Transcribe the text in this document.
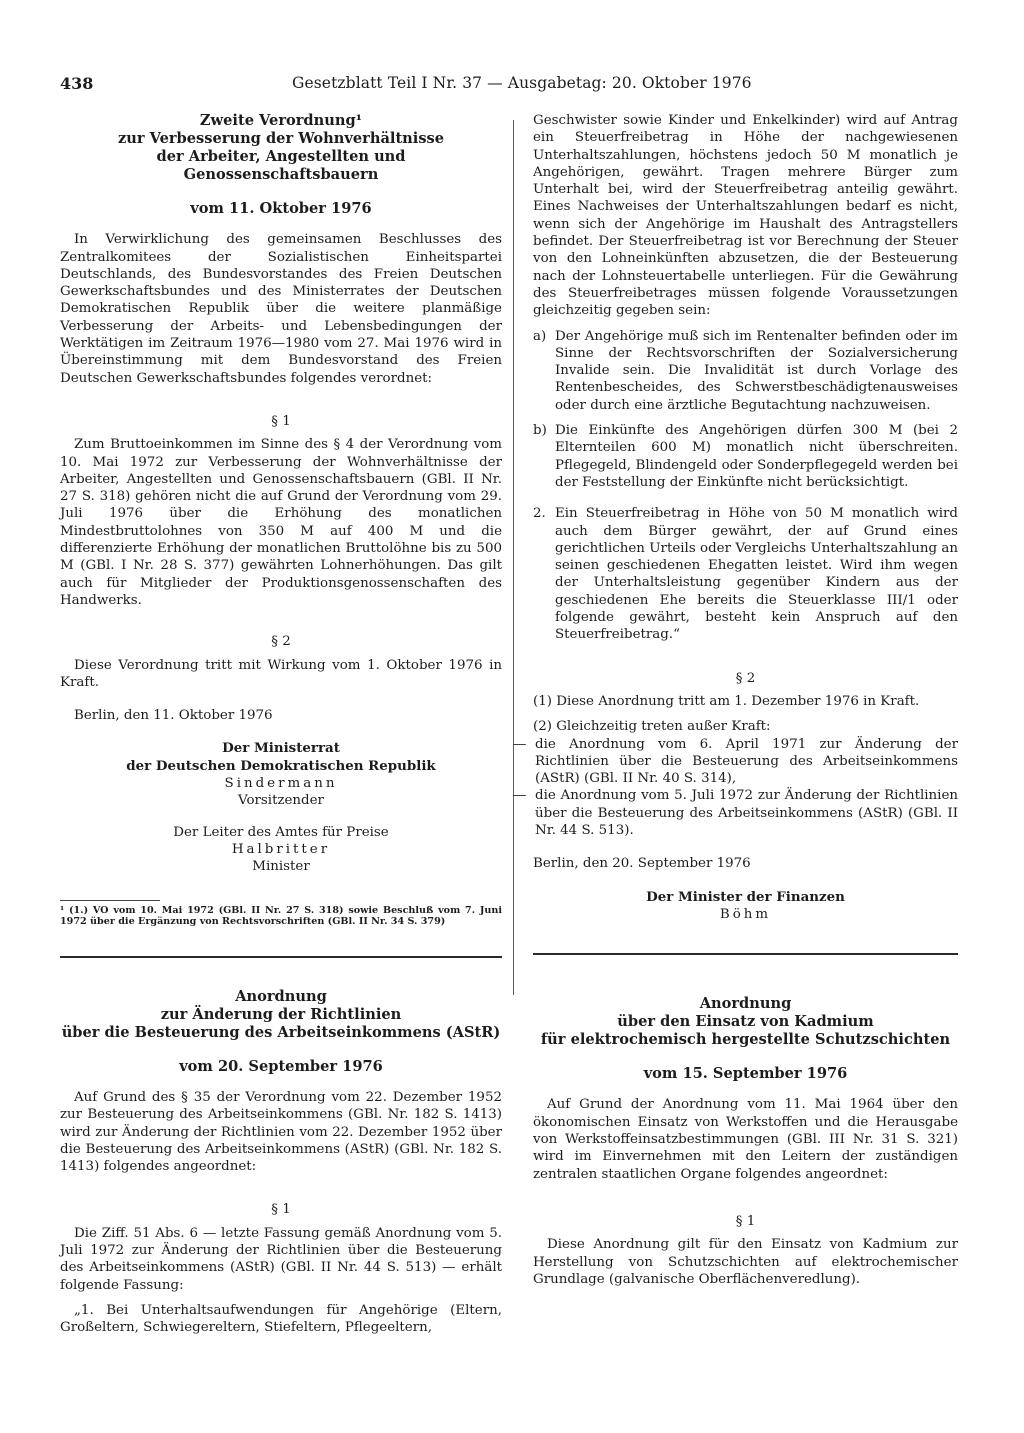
438	Gesetzblatt Teil I Nr. 37 — Ausgabetag: 20. Oktober 1976

Zweite Verordnung¹

zur Verbesserung der Wohnverhältnisse

der Arbeiter, Angestellten und Genossenschaftsbauern

vom 11. Oktober 1976

In Verwirklichung des gemeinsamen Beschlusses des Zentralkomitees der Sozialistischen Einheitspartei Deutschlands, des Bundesvorstandes des Freien Deutschen Gewerkschaftsbundes und des Ministerrates der Deutschen Demokratischen Republik über die weitere planmäßige Verbesserung der Arbeits- und Lebensbedingungen der Werktätigen im Zeitraum 1976—1980 vom 27. Mai 1976 wird in Übereinstimmung mit dem Bundesvorstand des Freien Deutschen Gewerkschaftsbundes folgendes verordnet:

§ 1

Zum Bruttoeinkommen im Sinne des § 4 der Verordnung vom 10. Mai 1972 zur Verbesserung der Wohnverhältnisse der Arbeiter, Angestellten und Genossenschaftsbauern (GBl. II Nr. 27 S. 318) gehören nicht die auf Grund der Verordnung vom 29. Juli 1976 über die Erhöhung des monatlichen Mindestbruttolohnes von 350 M auf 400 M und die differenzierte Erhöhung der monatlichen Bruttolöhne bis zu 500 M (GBl. I Nr. 28 S. 377) gewährten Lohnerhöhungen. Das gilt auch für Mitglieder der Produktionsgenossenschaften des Handwerks.

§ 2

Diese Verordnung tritt mit Wirkung vom 1. Oktober 1976 in Kraft.

Berlin, den 11. Oktober 1976

Der Ministerrat

der Deutschen Demokratischen Republik

Sindermann

Vorsitzender

Der Leiter des Amtes für Preise

Halbritter

Minister

¹ (1.) VO vom 10. Mai 1972 (GBl. II Nr. 27 S. 318) sowie Beschluß vom 7. Juni 1972 über die Ergänzung von Rechtsvorschriften (GBl. II Nr. 34 S. 379)

Anordnung

zur Änderung der Richtlinien

über die Besteuerung des Arbeitseinkommens (AStR)

vom 20. September 1976

Auf Grund des § 35 der Verordnung vom 22. Dezember 1952 zur Besteuerung des Arbeitseinkommens (GBl. Nr. 182 S. 1413) wird zur Änderung der Richtlinien vom 22. Dezember 1952 über die Besteuerung des Arbeitseinkommens (AStR) (GBl. Nr. 182 S. 1413) folgendes angeordnet:

§ 1

Die Ziff. 51 Abs. 6 — letzte Fassung gemäß Anordnung vom 5. Juli 1972 zur Änderung der Richtlinien über die Besteuerung des Arbeitseinkommens (AStR) (GBl. II Nr. 44 S. 513) — erhält folgende Fassung:

„1. Bei Unterhaltsaufwendungen für Angehörige (Eltern, Großeltern, Schwiegereltern, Stiefeltern, Pflegeeltern,

Geschwister sowie Kinder und Enkelkinder) wird auf Antrag ein Steuerfreibetrag in Höhe der nachgewiesenen Unterhaltszahlungen, höchstens jedoch 50 M monatlich je Angehörigen, gewährt. Tragen mehrere Bürger zum Unterhalt bei, wird der Steuerfreibetrag anteilig gewährt. Eines Nachweises der Unterhaltszahlungen bedarf es nicht, wenn sich der Angehörige im Haushalt des Antragstellers befindet. Der Steuerfreibetrag ist vor Berechnung der Steuer von den Lohneinkünften abzusetzen, die der Besteuerung nach der Lohnsteuertabelle unterliegen. Für die Gewährung des Steuerfreibetrages müssen folgende Voraussetzungen gleichzeitig gegeben sein:

a) Der Angehörige muß sich im Rentenalter befinden oder im Sinne der Rechtsvorschriften der Sozialversicherung Invalide sein. Die Invalidität ist durch Vorlage des Rentenbescheides, des Schwerstbeschädigtenausweises oder durch eine ärztliche Begutachtung nachzuweisen.
b) Die Einkünfte des Angehörigen dürfen 300 M (bei 2 Elternteilen 600 M) monatlich nicht überschreiten. Pflegegeld, Blindengeld oder Sonderpflegegeld werden bei der Feststellung der Einkünfte nicht berücksichtigt.
2. Ein Steuerfreibetrag in Höhe von 50 M monatlich wird auch dem Bürger gewährt, der auf Grund eines gerichtlichen Urteils oder Vergleichs Unterhaltszahlung an seinen geschiedenen Ehegatten leistet. Wird ihm wegen der Unterhaltsleistung gegenüber Kindern aus der geschiedenen Ehe bereits die Steuerklasse III/1 oder folgende gewährt, besteht kein Anspruch auf den Steuerfreibetrag.“

§ 2

(1) Diese Anordnung tritt am 1. Dezember 1976 in Kraft.

(2) Gleichzeitig treten außer Kraft:

— die Anordnung vom 6. April 1971 zur Änderung der Richtlinien über die Besteuerung des Arbeitseinkommens (AStR) (GBl. II Nr. 40 S. 314),
— die Anordnung vom 5. Juli 1972 zur Änderung der Richtlinien über die Besteuerung des Arbeitseinkommens (AStR) (GBl. II Nr. 44 S. 513).

Berlin, den 20. September 1976

Der Minister der Finanzen

Böhm

Anordnung

über den Einsatz von Kadmium

für elektrochemisch hergestellte Schutzschichten

vom 15. September 1976

Auf Grund der Anordnung vom 11. Mai 1964 über den ökonomischen Einsatz von Werkstoffen und die Herausgabe von Werkstoffeinsatzbestimmungen (GBl. III Nr. 31 S. 321) wird im Einvernehmen mit den Leitern der zuständigen zentralen staatlichen Organe folgendes angeordnet:

§ 1

Diese Anordnung gilt für den Einsatz von Kadmium zur Herstellung von Schutzschichten auf elektrochemischer Grundlage (galvanische Oberflächenveredlung).
